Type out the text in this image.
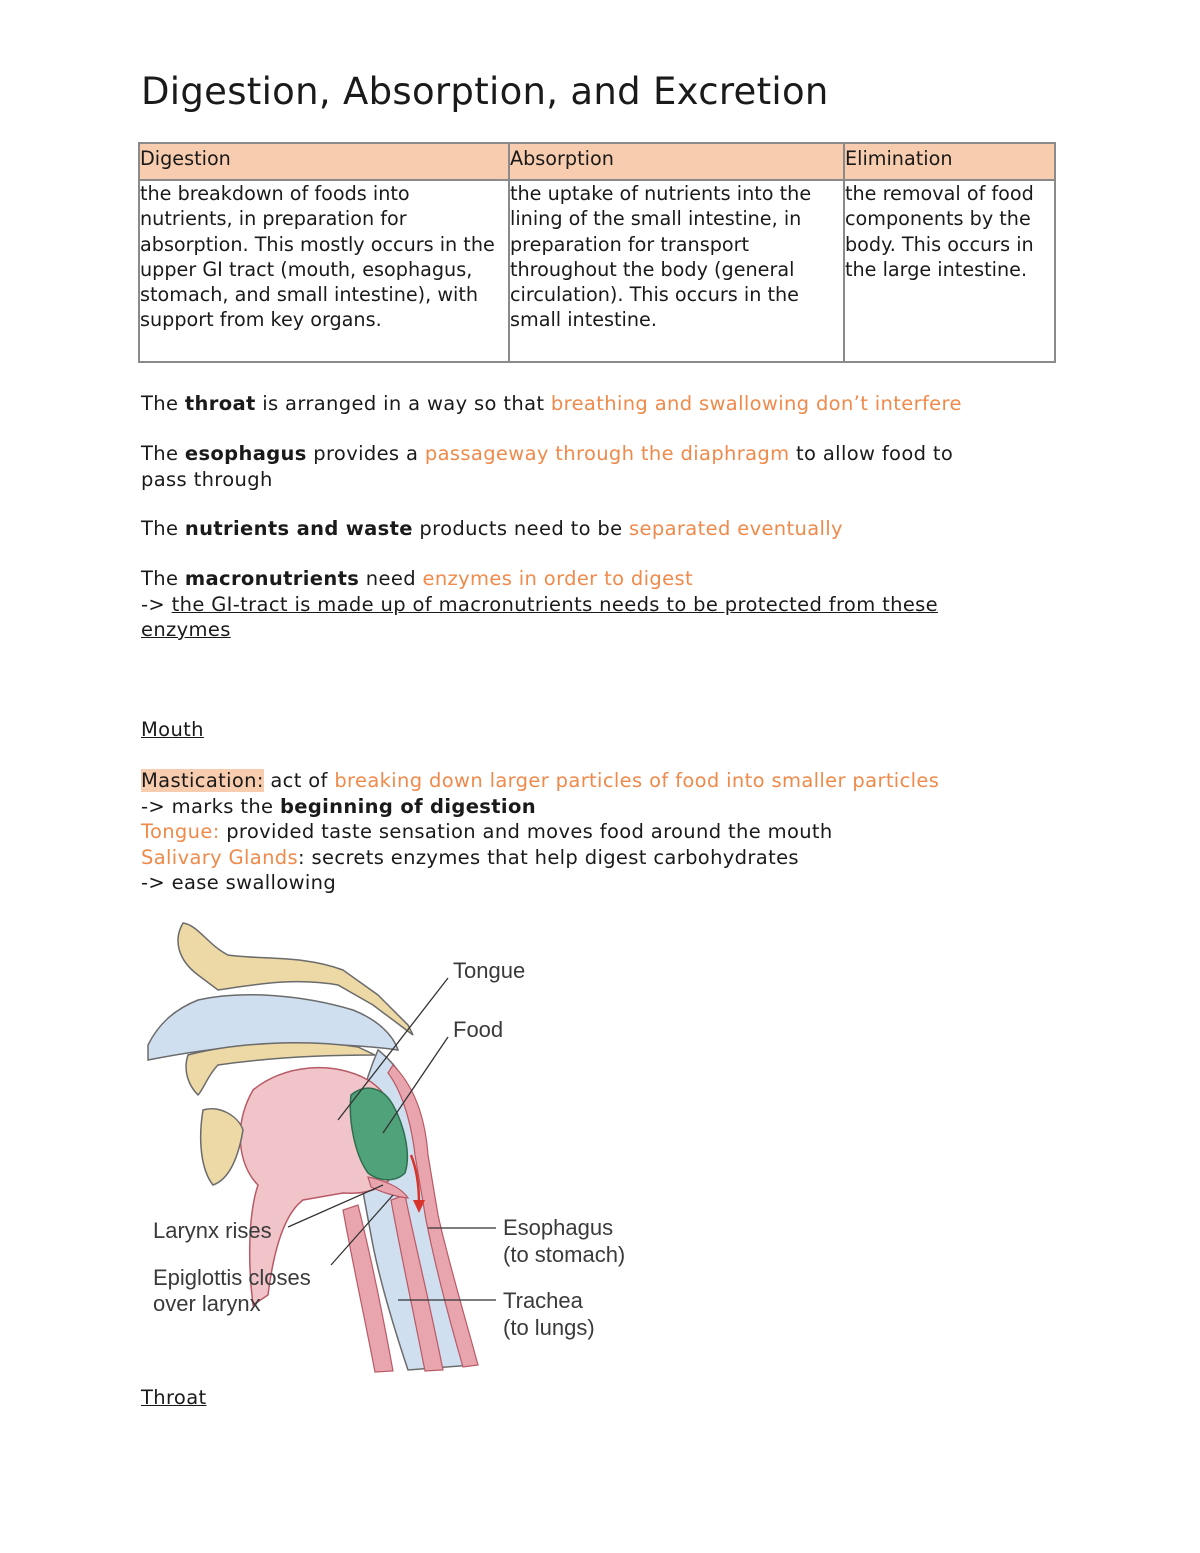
Digestion, Absorption, and Excretion
Digestion	Absorption	Elimination
the breakdown of foods into nutrients, in preparation for absorption. This mostly occurs in the upper GI tract (mouth, esophagus, stomach, and small intestine), with support from key organs.	the uptake of nutrients into the lining of the small intestine, in preparation for transport throughout the body (general circulation). This occurs in the small intestine.	the removal of food components by the body. This occurs in the large intestine.
The throat is arranged in a way so that breathing and swallowing don’t interfere
The esophagus provides a passageway through the diaphragm to allow food to
pass through
The nutrients and waste products need to be separated eventually
The macronutrients need enzymes in order to digest
-> the GI-tract is made up of macronutrients needs to be protected from these
enzymes
Mouth
Mastication: act of breaking down larger particles of food into smaller particles
-> marks the beginning of digestion
Tongue: provided taste sensation and moves food around the mouth
Salivary Glands: secrets enzymes that help digest carbohydrates
-> ease swallowing
Throat
Tongue
Food
Larynx rises
Epiglottis closes
over larynx
Esophagus
(to stomach)
Trachea
(to lungs)
